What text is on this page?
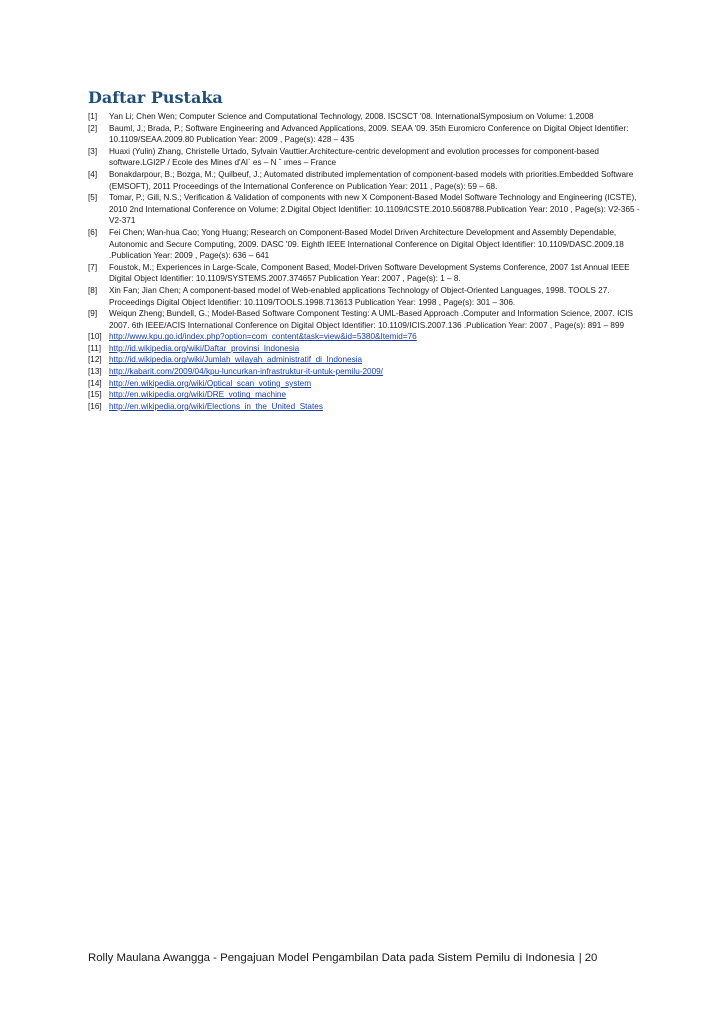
Daftar Pustaka
[1]	Yan Li; Chen Wen; Computer Science and Computational Technology, 2008. ISCSCT '08. InternationalSymposium on Volume: 1.2008
[2]	Bauml, J.; Brada, P.; Software Engineering and Advanced Applications, 2009. SEAA '09. 35th Euromicro Conference on Digital Object Identifier: 10.1109/SEAA.2009.80 Publication Year: 2009 , Page(s): 428 – 435
[3]	Huaxi (Yulin) Zhang, Christelle Urtado, Sylvain Vauttier.Architecture-centric development and evolution processes for component-based software.LGI2P / Ecole des Mines d'Al` es – N ˆ ımes – France
[4]	Bonakdarpour, B.; Bozga, M.; Quilbeuf, J.; Automated distributed implementation of component-based models with priorities.Embedded Software (EMSOFT), 2011 Proceedings of the International Conference on Publication Year: 2011 , Page(s): 59 – 68.
[5]	Tomar, P.; Gill, N.S.; Verification & Validation of components with new X Component-Based Model Software Technology and Engineering (ICSTE), 2010 2nd International Conference on Volume: 2.Digital Object Identifier: 10.1109/ICSTE.2010.5608788.Publication Year: 2010 , Page(s): V2-365 - V2-371
[6]	Fei Chen; Wan-hua Cao; Yong Huang; Research on Component-Based Model Driven Architecture Development and Assembly Dependable, Autonomic and Secure Computing, 2009. DASC '09. Eighth IEEE International Conference on Digital Object Identifier: 10.1109/DASC.2009.18 .Publication Year: 2009 , Page(s): 636 – 641
[7]	Foustok, M.; Experiences in Large-Scale, Component Based, Model-Driven Software Development Systems Conference, 2007 1st Annual IEEE Digital Object Identifier: 10.1109/SYSTEMS.2007.374657 Publication Year: 2007 , Page(s): 1 – 8.
[8]	Xin Fan; Jian Chen; A component-based model of Web-enabled applications Technology of Object-Oriented Languages, 1998. TOOLS 27. Proceedings Digital Object Identifier: 10.1109/TOOLS.1998.713613 Publication Year: 1998 , Page(s): 301 – 306.
[9]	Weiqun Zheng; Bundell, G.; Model-Based Software Component Testing: A UML-Based Approach .Computer and Information Science, 2007. ICIS 2007. 6th IEEE/ACIS International Conference on Digital Object Identifier: 10.1109/ICIS.2007.136 .Publication Year: 2007 , Page(s): 891 – 899
[10] http://www.kpu.go.id/index.php?option=com_content&task=view&id=5380&Itemid=76
[11] http://id.wikipedia.org/wiki/Daftar_provinsi_Indonesia
[12] http://id.wikipedia.org/wiki/Jumlah_wilayah_administratif_di_Indonesia
[13] http://kabarit.com/2009/04/kpu-luncurkan-infrastruktur-it-untuk-pemilu-2009/
[14] http://en.wikipedia.org/wiki/Optical_scan_voting_system
[15] http://en.wikipedia.org/wiki/DRE_voting_machine
[16] http://en.wikipedia.org/wiki/Elections_in_the_United_States
Rolly Maulana Awangga - Pengajuan Model Pengambilan Data pada Sistem Pemilu di Indonesia | 20
